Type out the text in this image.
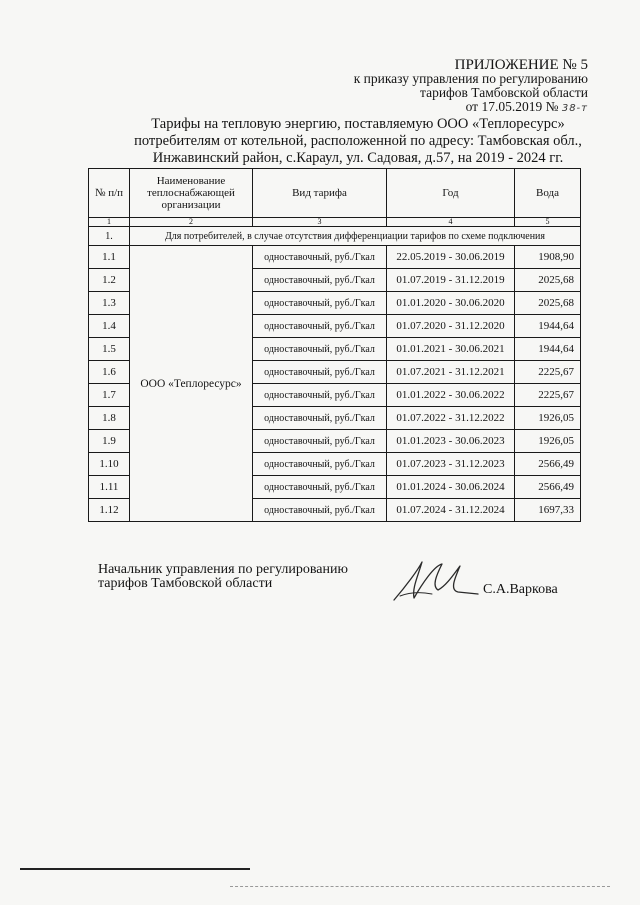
ПРИЛОЖЕНИЕ № 5
к приказу управления по регулированию
тарифов Тамбовской области
от 17.05.2019 № 38-т
Тарифы на тепловую энергию, поставляемую ООО «Теплоресурс»
потребителям от котельной, расположенной по адресу: Тамбовская обл.,
Инжавинский район, с.Караул, ул. Садовая, д.57, на 2019 - 2024 гг.
№ п/п	Наименование теплоснабжающей организации	Вид тарифа	Год	Вода
1	2	3	4	5
1.	Для потребителей, в случае отсутствия дифференциации тарифов по схеме подключения			
1.1	ООО «Теплоресурс»	одноставочный, руб./Гкал	22.05.2019 - 30.06.2019	1908,90
1.2		одноставочный, руб./Гкал	01.07.2019 - 31.12.2019	2025,68
1.3		одноставочный, руб./Гкал	01.01.2020 - 30.06.2020	2025,68
1.4		одноставочный, руб./Гкал	01.07.2020 - 31.12.2020	1944,64
1.5		одноставочный, руб./Гкал	01.01.2021 - 30.06.2021	1944,64
1.6		одноставочный, руб./Гкал	01.07.2021 - 31.12.2021	2225,67
1.7		одноставочный, руб./Гкал	01.01.2022 - 30.06.2022	2225,67
1.8		одноставочный, руб./Гкал	01.07.2022 - 31.12.2022	1926,05
1.9		одноставочный, руб./Гкал	01.01.2023 - 30.06.2023	1926,05
1.10		одноставочный, руб./Гкал	01.07.2023 - 31.12.2023	2566,49
1.11		одноставочный, руб./Гкал	01.01.2024 - 30.06.2024	2566,49
1.12		одноставочный, руб./Гкал	01.07.2024 - 31.12.2024	1697,33
Начальник управления по регулированию
тарифов Тамбовской области	С.А.Варкова
